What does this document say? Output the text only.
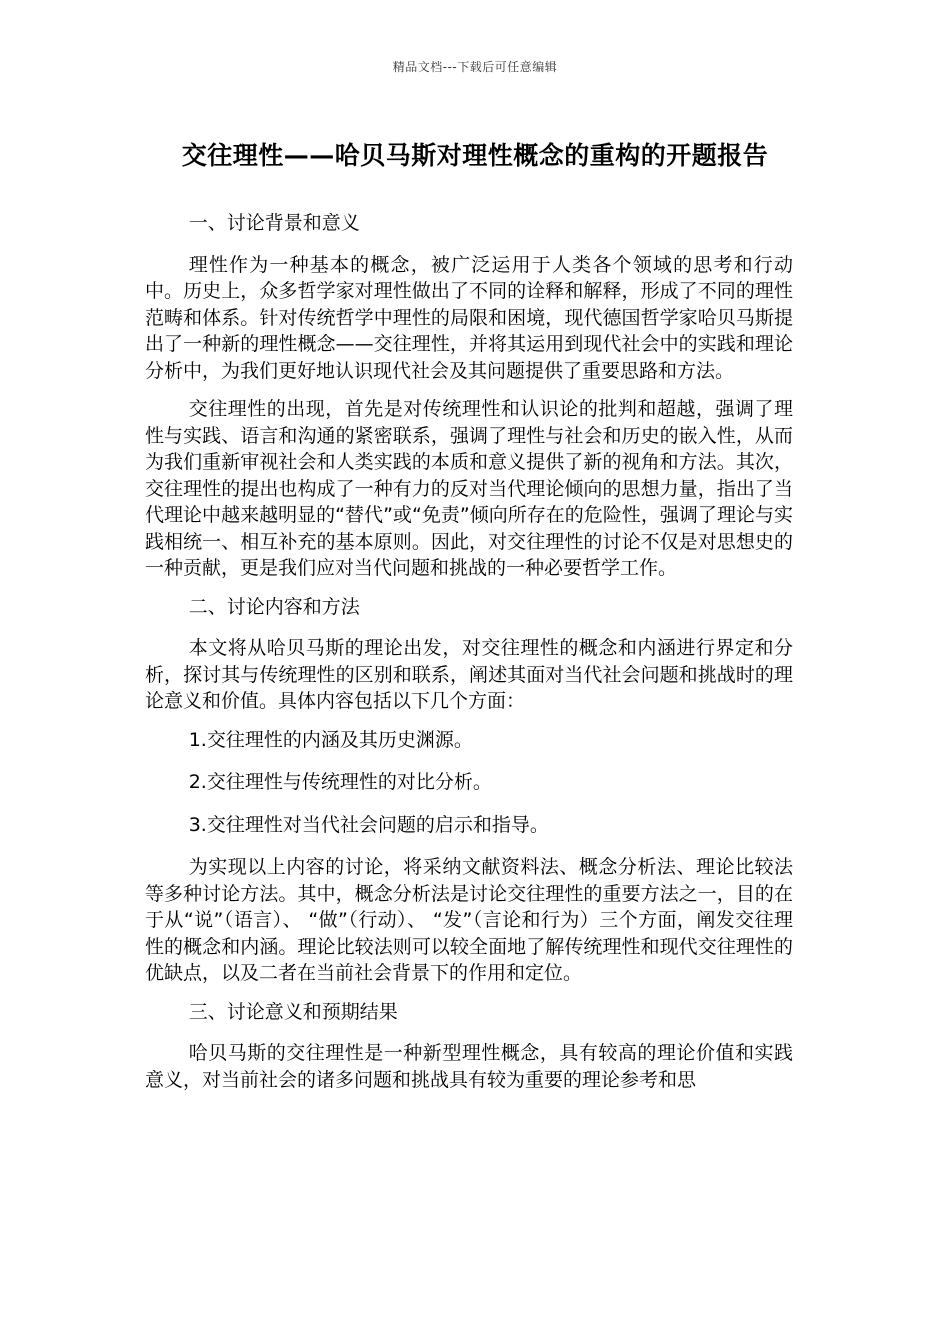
精品文档---下载后可任意编辑
交往理性——哈贝马斯对理性概念的重构的开题报告

一、讨论背景和意义

理性作为一种基本的概念，被广泛运用于人类各个领域的思考和行动中。历史上，众多哲学家对理性做出了不同的诠释和解释，形成了不同的理性范畴和体系。针对传统哲学中理性的局限和困境，现代德国哲学家哈贝马斯提出了一种新的理性概念——交往理性，并将其运用到现代社会中的实践和理论分析中，为我们更好地认识现代社会及其问题提供了重要思路和方法。

交往理性的出现，首先是对传统理性和认识论的批判和超越，强调了理性与实践、语言和沟通的紧密联系，强调了理性与社会和历史的嵌入性，从而为我们重新审视社会和人类实践的本质和意义提供了新的视角和方法。其次，交往理性的提出也构成了一种有力的反对当代理论倾向的思想力量，指出了当代理论中越来越明显的“替代”或“免责”倾向所存在的危险性，强调了理论与实践相统一、相互补充的基本原则。因此，对交往理性的讨论不仅是对思想史的一种贡献，更是我们应对当代问题和挑战的一种必要哲学工作。

二、讨论内容和方法

本文将从哈贝马斯的理论出发，对交往理性的概念和内涵进行界定和分析，探讨其与传统理性的区别和联系，阐述其面对当代社会问题和挑战时的理论意义和价值。具体内容包括以下几个方面：

1.交往理性的内涵及其历史渊源。

2.交往理性与传统理性的对比分析。

3.交往理性对当代社会问题的启示和指导。

为实现以上内容的讨论，将采纳文献资料法、概念分析法、理论比较法等多种讨论方法。其中，概念分析法是讨论交往理性的重要方法之一，目的在于从“说”（语言）、 “做”（行动）、 “发”（言论和行为）三个方面，阐发交往理性的概念和内涵。理论比较法则可以较全面地了解传统理性和现代交往理性的优缺点，以及二者在当前社会背景下的作用和定位。

三、讨论意义和预期结果

哈贝马斯的交往理性是一种新型理性概念，具有较高的理论价值和实践意义，对当前社会的诸多问题和挑战具有较为重要的理论参考和思
